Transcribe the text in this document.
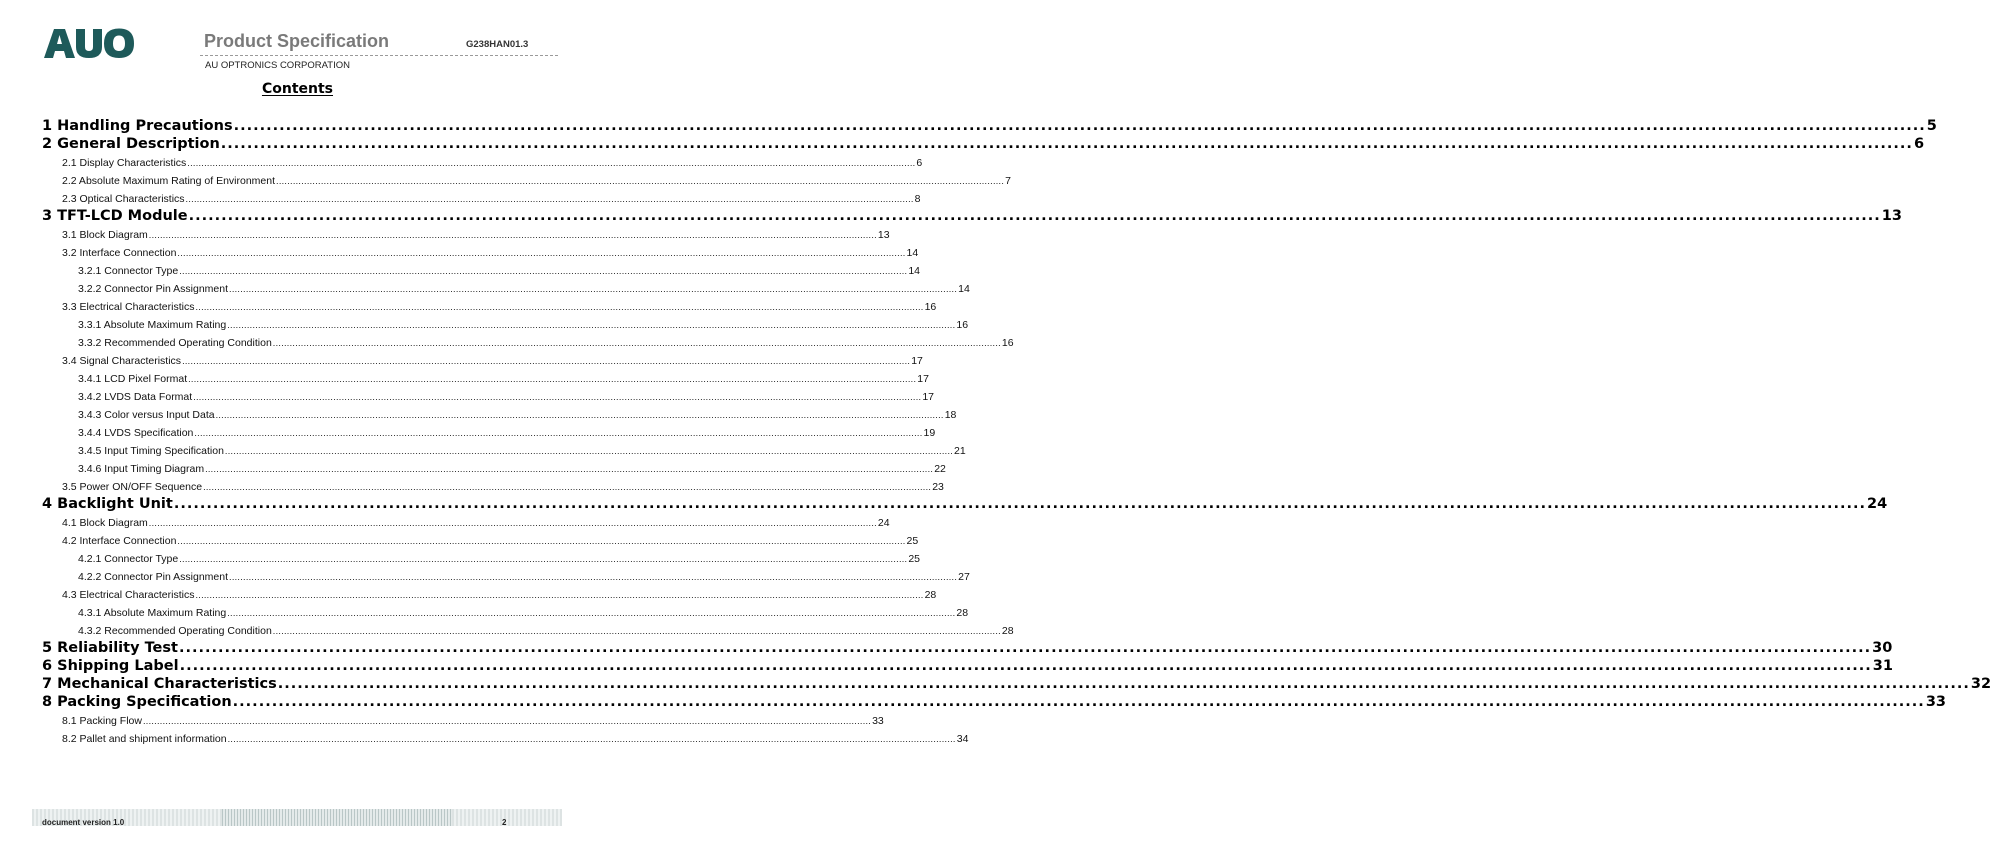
Product Specification	G238HAN01.3
AU OPTRONICS CORPORATION
Contents
1 Handling Precautions .................................................................................................................................................................................................................................................................... 5
2 General Description .................................................................................................................................................................................................................................................................... 6
2.1 Display Characteristics .................................................................................................................................................................................................................................................................... 6
2.2 Absolute Maximum Rating of Environment .................................................................................................................................................................................................................................................................... 7
2.3 Optical Characteristics .................................................................................................................................................................................................................................................................... 8
3 TFT-LCD Module .................................................................................................................................................................................................................................................................... 13
3.1 Block Diagram .................................................................................................................................................................................................................................................................... 13
3.2 Interface Connection .................................................................................................................................................................................................................................................................... 14
3.2.1 Connector Type .................................................................................................................................................................................................................................................................... 14
3.2.2 Connector Pin Assignment .................................................................................................................................................................................................................................................................... 14
3.3 Electrical Characteristics .................................................................................................................................................................................................................................................................... 16
3.3.1 Absolute Maximum Rating .................................................................................................................................................................................................................................................................... 16
3.3.2 Recommended Operating Condition .................................................................................................................................................................................................................................................................... 16
3.4 Signal Characteristics .................................................................................................................................................................................................................................................................... 17
3.4.1 LCD Pixel Format .................................................................................................................................................................................................................................................................... 17
3.4.2 LVDS Data Format .................................................................................................................................................................................................................................................................... 17
3.4.3 Color versus Input Data .................................................................................................................................................................................................................................................................... 18
3.4.4 LVDS Specification .................................................................................................................................................................................................................................................................... 19
3.4.5 Input Timing Specification .................................................................................................................................................................................................................................................................... 21
3.4.6 Input Timing Diagram .................................................................................................................................................................................................................................................................... 22
3.5 Power ON/OFF Sequence .................................................................................................................................................................................................................................................................... 23
4 Backlight Unit .................................................................................................................................................................................................................................................................... 24
4.1 Block Diagram .................................................................................................................................................................................................................................................................... 24
4.2 Interface Connection .................................................................................................................................................................................................................................................................... 25
4.2.1 Connector Type .................................................................................................................................................................................................................................................................... 25
4.2.2 Connector Pin Assignment .................................................................................................................................................................................................................................................................... 27
4.3 Electrical Characteristics .................................................................................................................................................................................................................................................................... 28
4.3.1 Absolute Maximum Rating .................................................................................................................................................................................................................................................................... 28
4.3.2 Recommended Operating Condition .................................................................................................................................................................................................................................................................... 28
5 Reliability Test .................................................................................................................................................................................................................................................................... 30
6 Shipping Label .................................................................................................................................................................................................................................................................... 31
7 Mechanical Characteristics .................................................................................................................................................................................................................................................................... 32
8 Packing Specification .................................................................................................................................................................................................................................................................... 33
8.1 Packing Flow .................................................................................................................................................................................................................................................................... 33
8.2 Pallet and shipment information .................................................................................................................................................................................................................................................................... 34
document version 1.0	2
